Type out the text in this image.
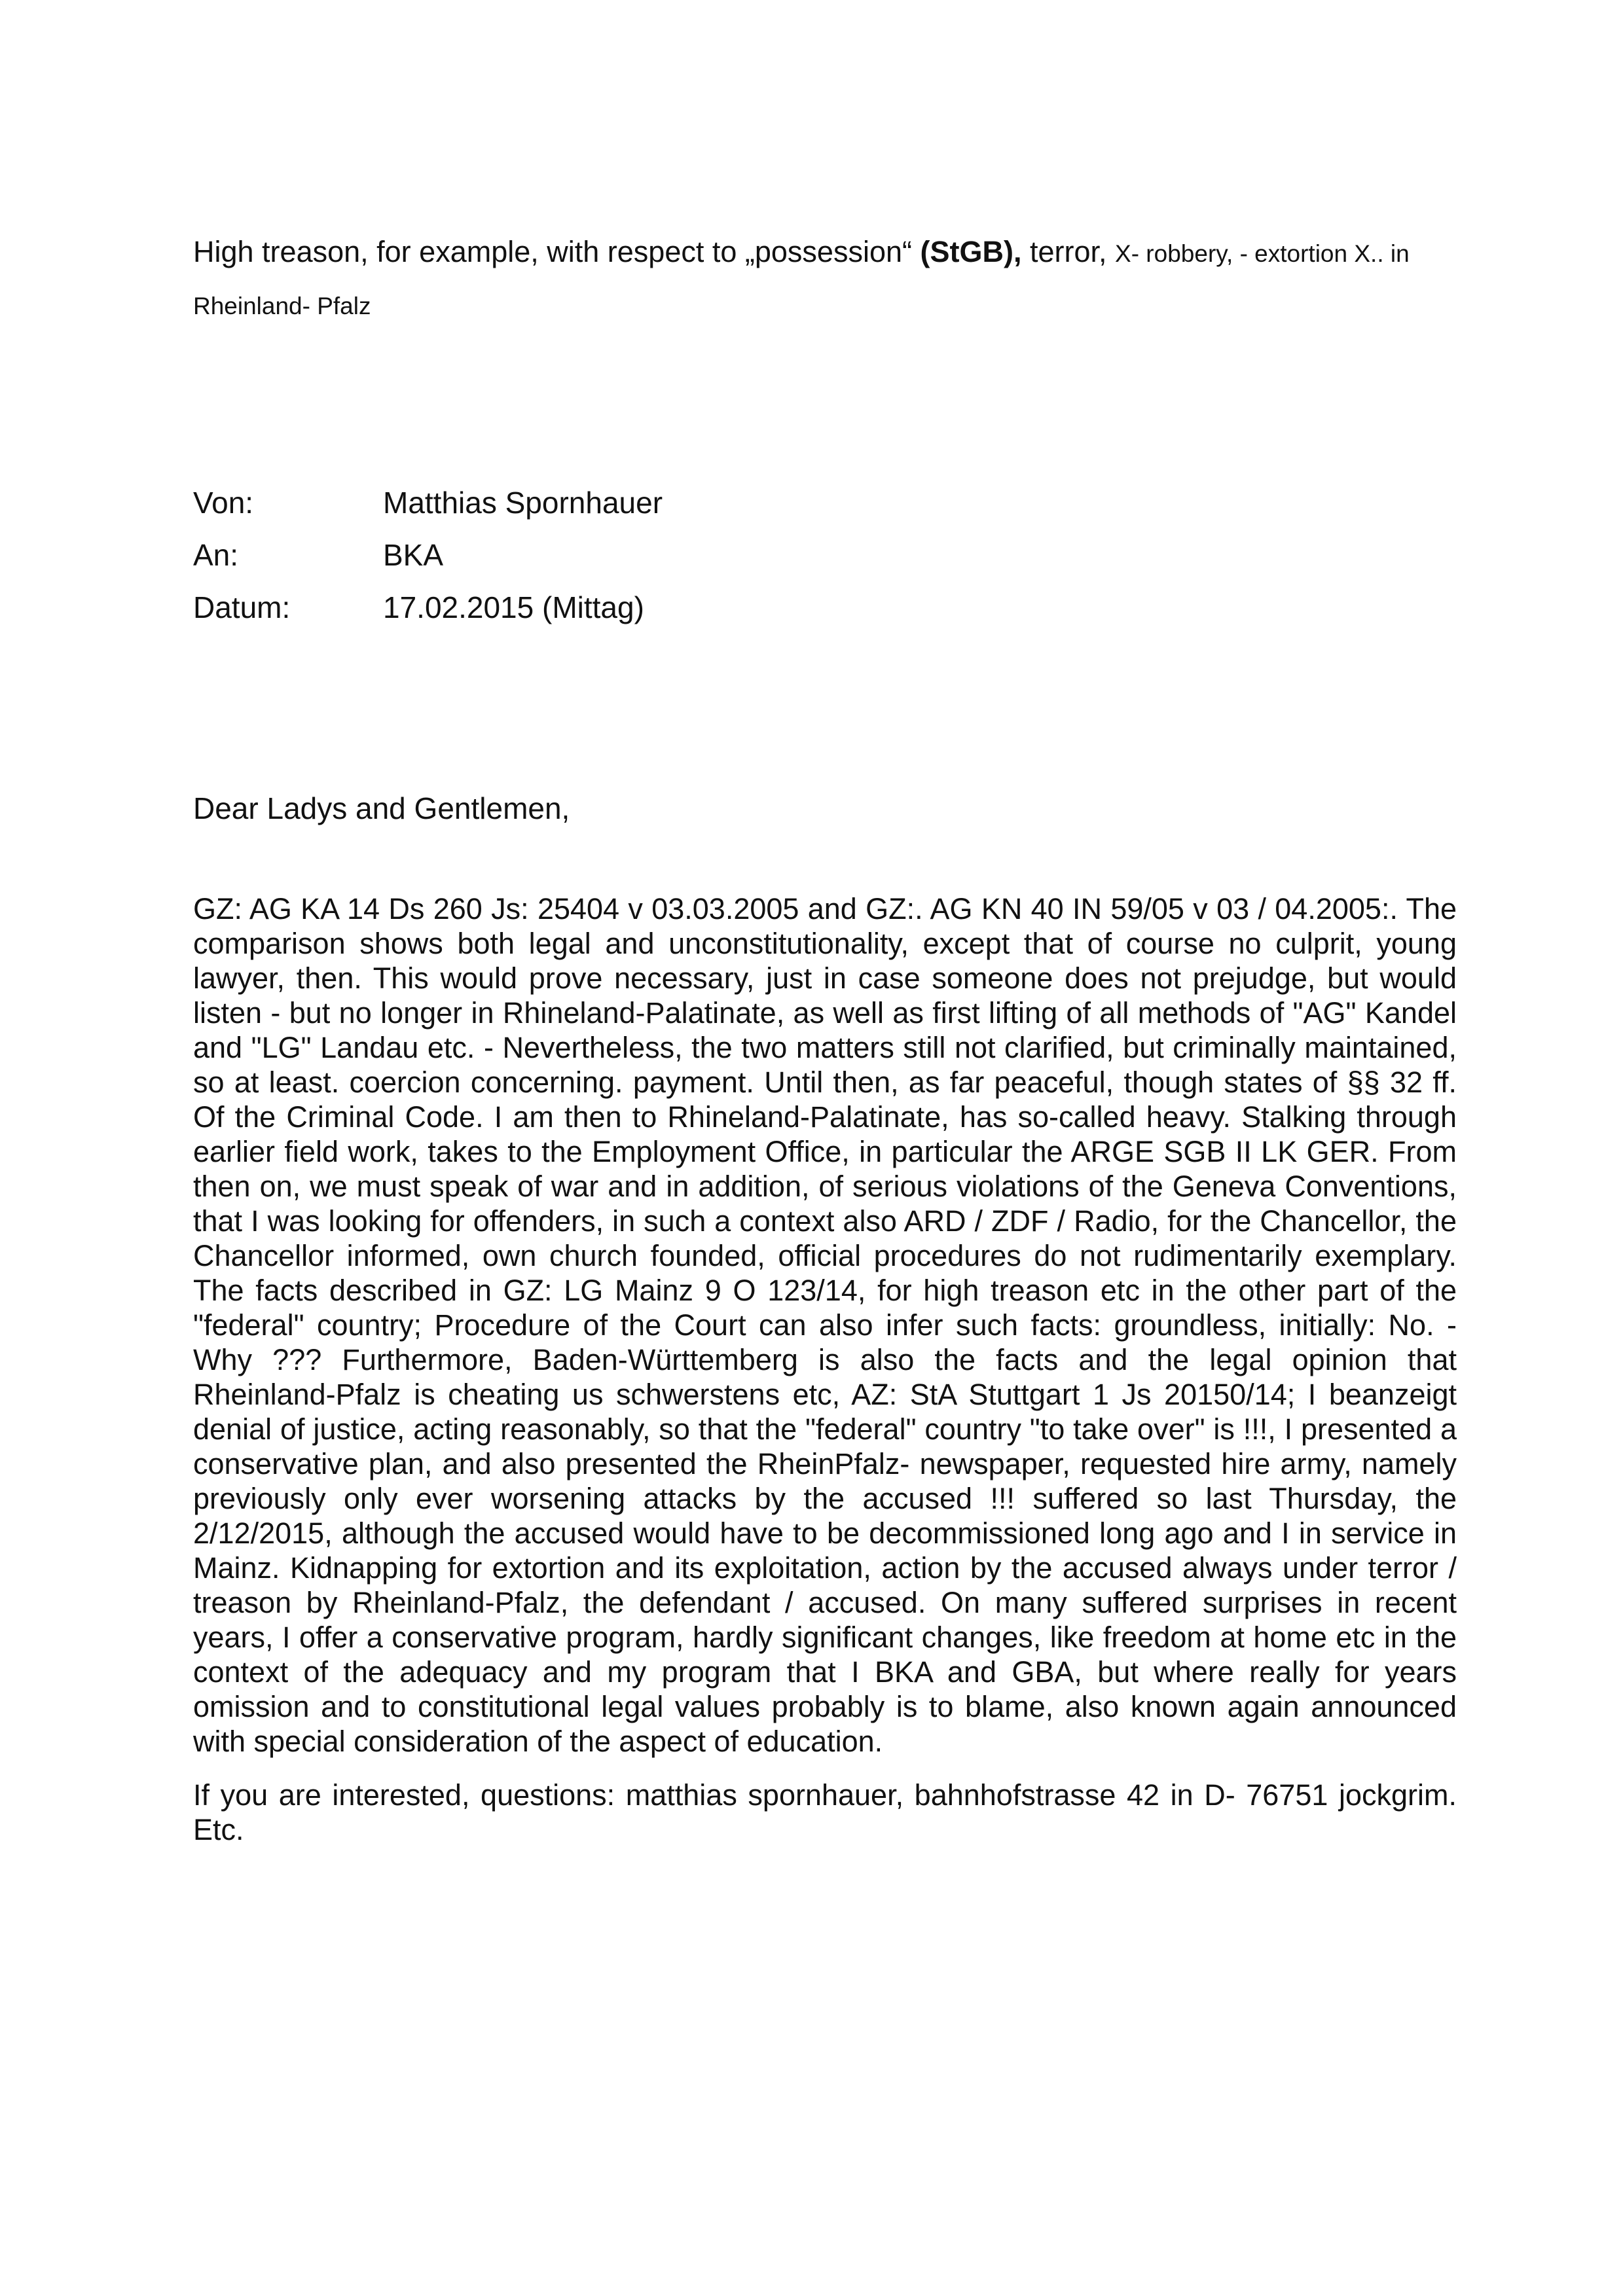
High treason, for example, with respect to „possession“ (StGB), terror, X- robbery, - extortion X.. in
Rheinland- Pfalz
Von:	Matthias Spornhauer
An:	BKA
Datum:	17.02.2015 (Mittag)
Dear Ladys and Gentlemen,
GZ: AG KA 14 Ds 260 Js: 25404 v 03.03.2005 and GZ:. AG KN 40 IN 59/05 v 03 / 04.2005:. The comparison shows both legal and unconstitutionality, except that of course no culprit, young lawyer, then. This would prove necessary, just in case someone does not prejudge, but would listen - but no longer in Rhineland-Palatinate, as well as first lifting of all methods of "AG" Kandel and "LG" Landau etc. - Nevertheless, the two matters still not clarified, but criminally maintained, so at least. coercion concerning. payment. Until then, as far peaceful, though states of §§ 32 ff. Of the Criminal Code. I am then to Rhineland-Palatinate, has so-called heavy. Stalking through earlier field work, takes to the Employment Office, in particular the ARGE SGB II LK GER. From then on, we must speak of war and in addition, of serious violations of the Geneva Conventions, that I was looking for offenders, in such a context also ARD / ZDF / Radio, for the Chancellor, the Chancellor informed, own church founded, official procedures do not rudimentarily exemplary. The facts described in GZ: LG Mainz 9 O 123/14, for high treason etc in the other part of the "federal" country; Procedure of the Court can also infer such facts: groundless, initially: No. - Why ??? Furthermore, Baden-Württemberg is also the facts and the legal opinion that Rheinland-Pfalz is cheating us schwerstens etc, AZ: StA Stuttgart 1 Js 20150/14; I beanzeigt denial of justice, acting reasonably, so that the "federal" country "to take over" is !!!, I presented a conservative plan, and also presented the RheinPfalz- newspaper, requested hire army, namely previously only ever worsening attacks by the accused !!! suffered so last Thursday, the 2/12/2015, although the accused would have to be decommissioned long ago and I in service in Mainz. Kidnapping for extortion and its exploitation, action by the accused always under terror / treason by Rheinland-Pfalz, the defendant / accused. On many suffered surprises in recent years, I offer a conservative program, hardly significant changes, like freedom at home etc in the context of the adequacy and my program that I BKA and GBA, but where really for years omission and to constitutional legal values probably is to blame, also known again announced with special consideration of the aspect of education.
If you are interested, questions: matthias spornhauer, bahnhofstrasse 42 in D- 76751 jockgrim. Etc.
